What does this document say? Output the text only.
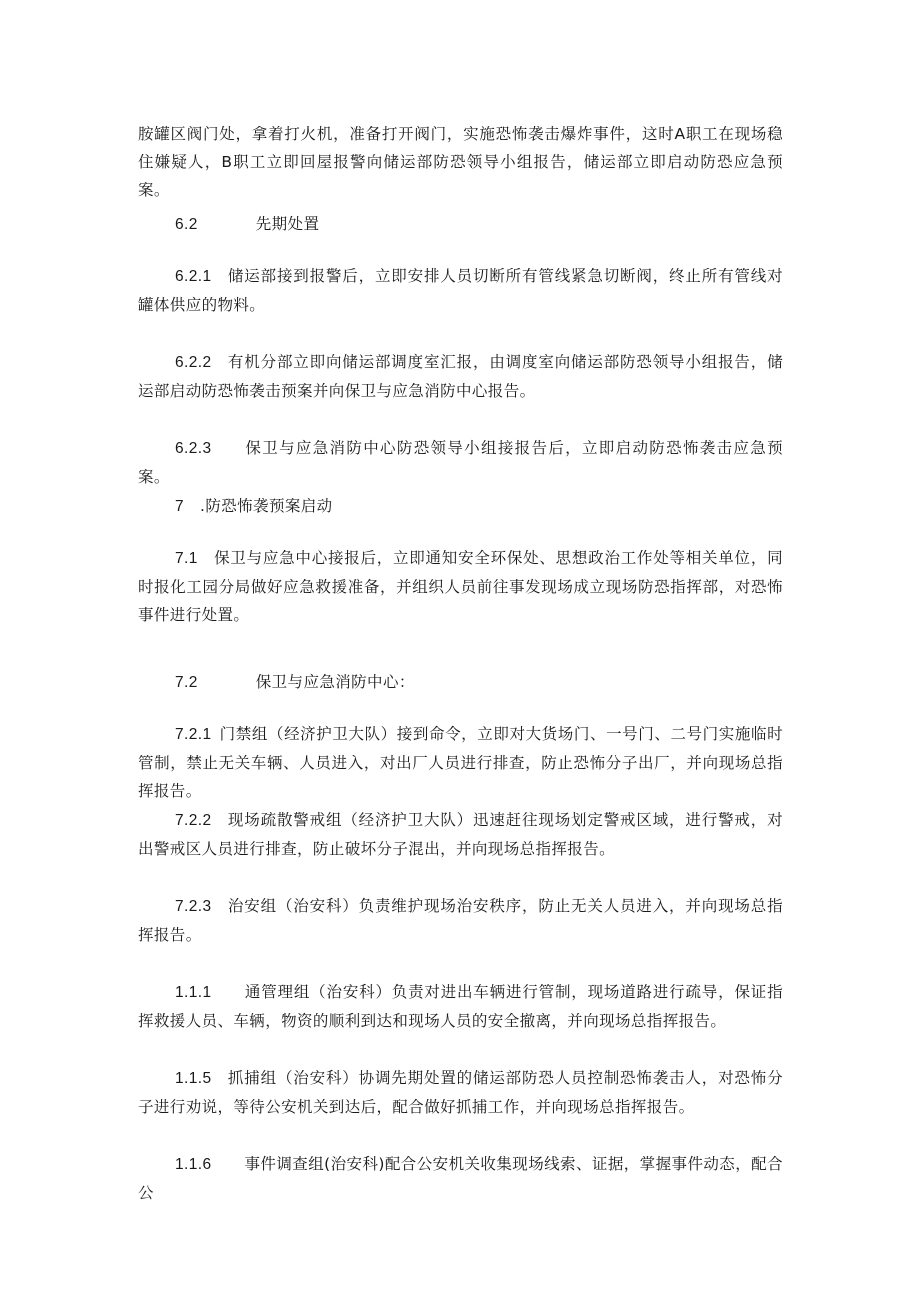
胺罐区阀门处，拿着打火机，准备打开阀门，实施恐怖袭击爆炸事件，这时A职工在现场稳住嫌疑人，B职工立即回屋报警向储运部防恐领导小组报告，储运部立即启动防恐应急预案。
6.2	先期处置
6.2.1 储运部接到报警后，立即安排人员切断所有管线紧急切断阀，终止所有管线对罐体供应的物料。
6.2.2 有机分部立即向储运部调度室汇报，由调度室向储运部防恐领导小组报告，储运部启动防恐怖袭击预案并向保卫与应急消防中心报告。
6.2.3 保卫与应急消防中心防恐领导小组接报告后，立即启动防恐怖袭击应急预案。
7 .防恐怖袭预案启动
7.1 保卫与应急中心接报后，立即通知安全环保处、思想政治工作处等相关单位，同时报化工园分局做好应急救援准备，并组织人员前往事发现场成立现场防恐指挥部，对恐怖事件进行处置。
7.2	保卫与应急消防中心：
7.2.1 门禁组（经济护卫大队）接到命令，立即对大货场门、一号门、二号门实施临时管制，禁止无关车辆、人员进入，对出厂人员进行排查，防止恐怖分子出厂，并向现场总指挥报告。
7.2.2 现场疏散警戒组（经济护卫大队）迅速赶往现场划定警戒区域，进行警戒，对出警戒区人员进行排查，防止破坏分子混出，并向现场总指挥报告。
7.2.3 治安组（治安科）负责维护现场治安秩序，防止无关人员进入，并向现场总指挥报告。
1.1.1 通管理组（治安科）负责对进出车辆进行管制，现场道路进行疏导，保证指挥救援人员、车辆，物资的顺利到达和现场人员的安全撤离，并向现场总指挥报告。
1.1.5 抓捕组（治安科）协调先期处置的储运部防恐人员控制恐怖袭击人，对恐怖分子进行劝说，等待公安机关到达后，配合做好抓捕工作，并向现场总指挥报告。
1.1.6 事件调查组(治安科)配合公安机关收集现场线索、证据，掌握事件动态，配合公
